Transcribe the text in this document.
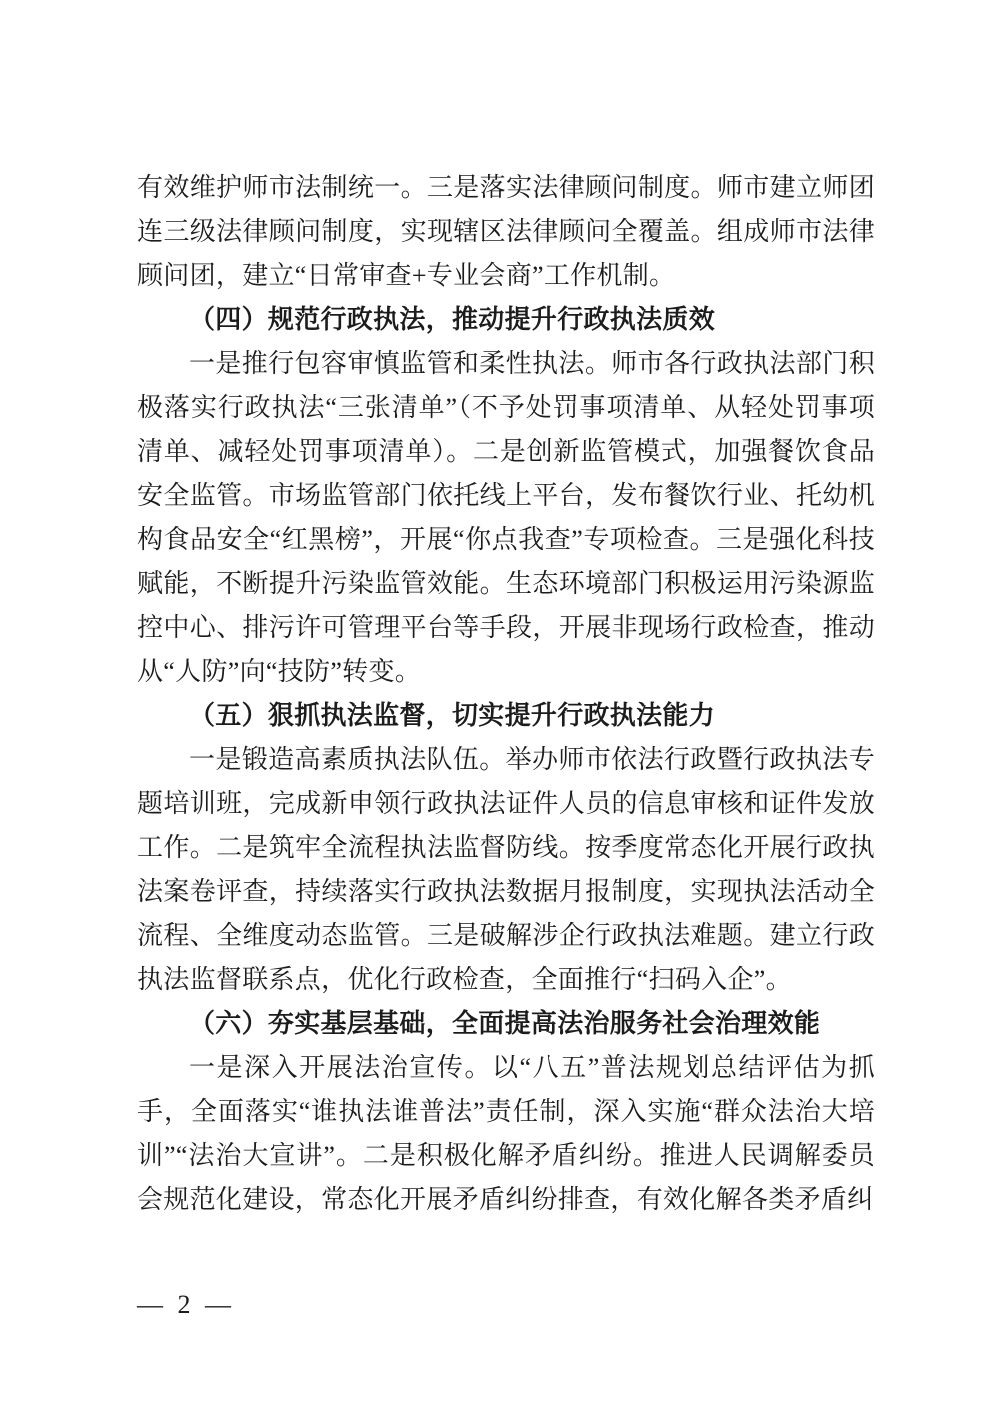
有效维护师市法制统一。三是落实法律顾问制度。师市建立师团连三级法律顾问制度，实现辖区法律顾问全覆盖。组成师市法律顾问团，建立“日常审查+专业会商”工作机制。

（四）规范行政执法，推动提升行政执法质效

一是推行包容审慎监管和柔性执法。师市各行政执法部门积极落实行政执法“三张清单”（不予处罚事项清单、从轻处罚事项清单、减轻处罚事项清单）。二是创新监管模式，加强餐饮食品安全监管。市场监管部门依托线上平台，发布餐饮行业、托幼机构食品安全“红黑榜”，开展“你点我查”专项检查。三是强化科技赋能，不断提升污染监管效能。生态环境部门积极运用污染源监控中心、排污许可管理平台等手段，开展非现场行政检查，推动从“人防”向“技防”转变。

（五）狠抓执法监督，切实提升行政执法能力

一是锻造高素质执法队伍。举办师市依法行政暨行政执法专题培训班，完成新申领行政执法证件人员的信息审核和证件发放工作。二是筑牢全流程执法监督防线。按季度常态化开展行政执法案卷评查，持续落实行政执法数据月报制度，实现执法活动全流程、全维度动态监管。三是破解涉企行政执法难题。建立行政执法监督联系点，优化行政检查，全面推行“扫码入企”。

（六）夯实基层基础，全面提高法治服务社会治理效能

一是深入开展法治宣传。以“八五”普法规划总结评估为抓手，全面落实“谁执法谁普法”责任制，深入实施“群众法治大培训”“法治大宣讲”。二是积极化解矛盾纠纷。推进人民调解委员会规范化建设，常态化开展矛盾纠纷排查，有效化解各类矛盾纠

— 2 —
